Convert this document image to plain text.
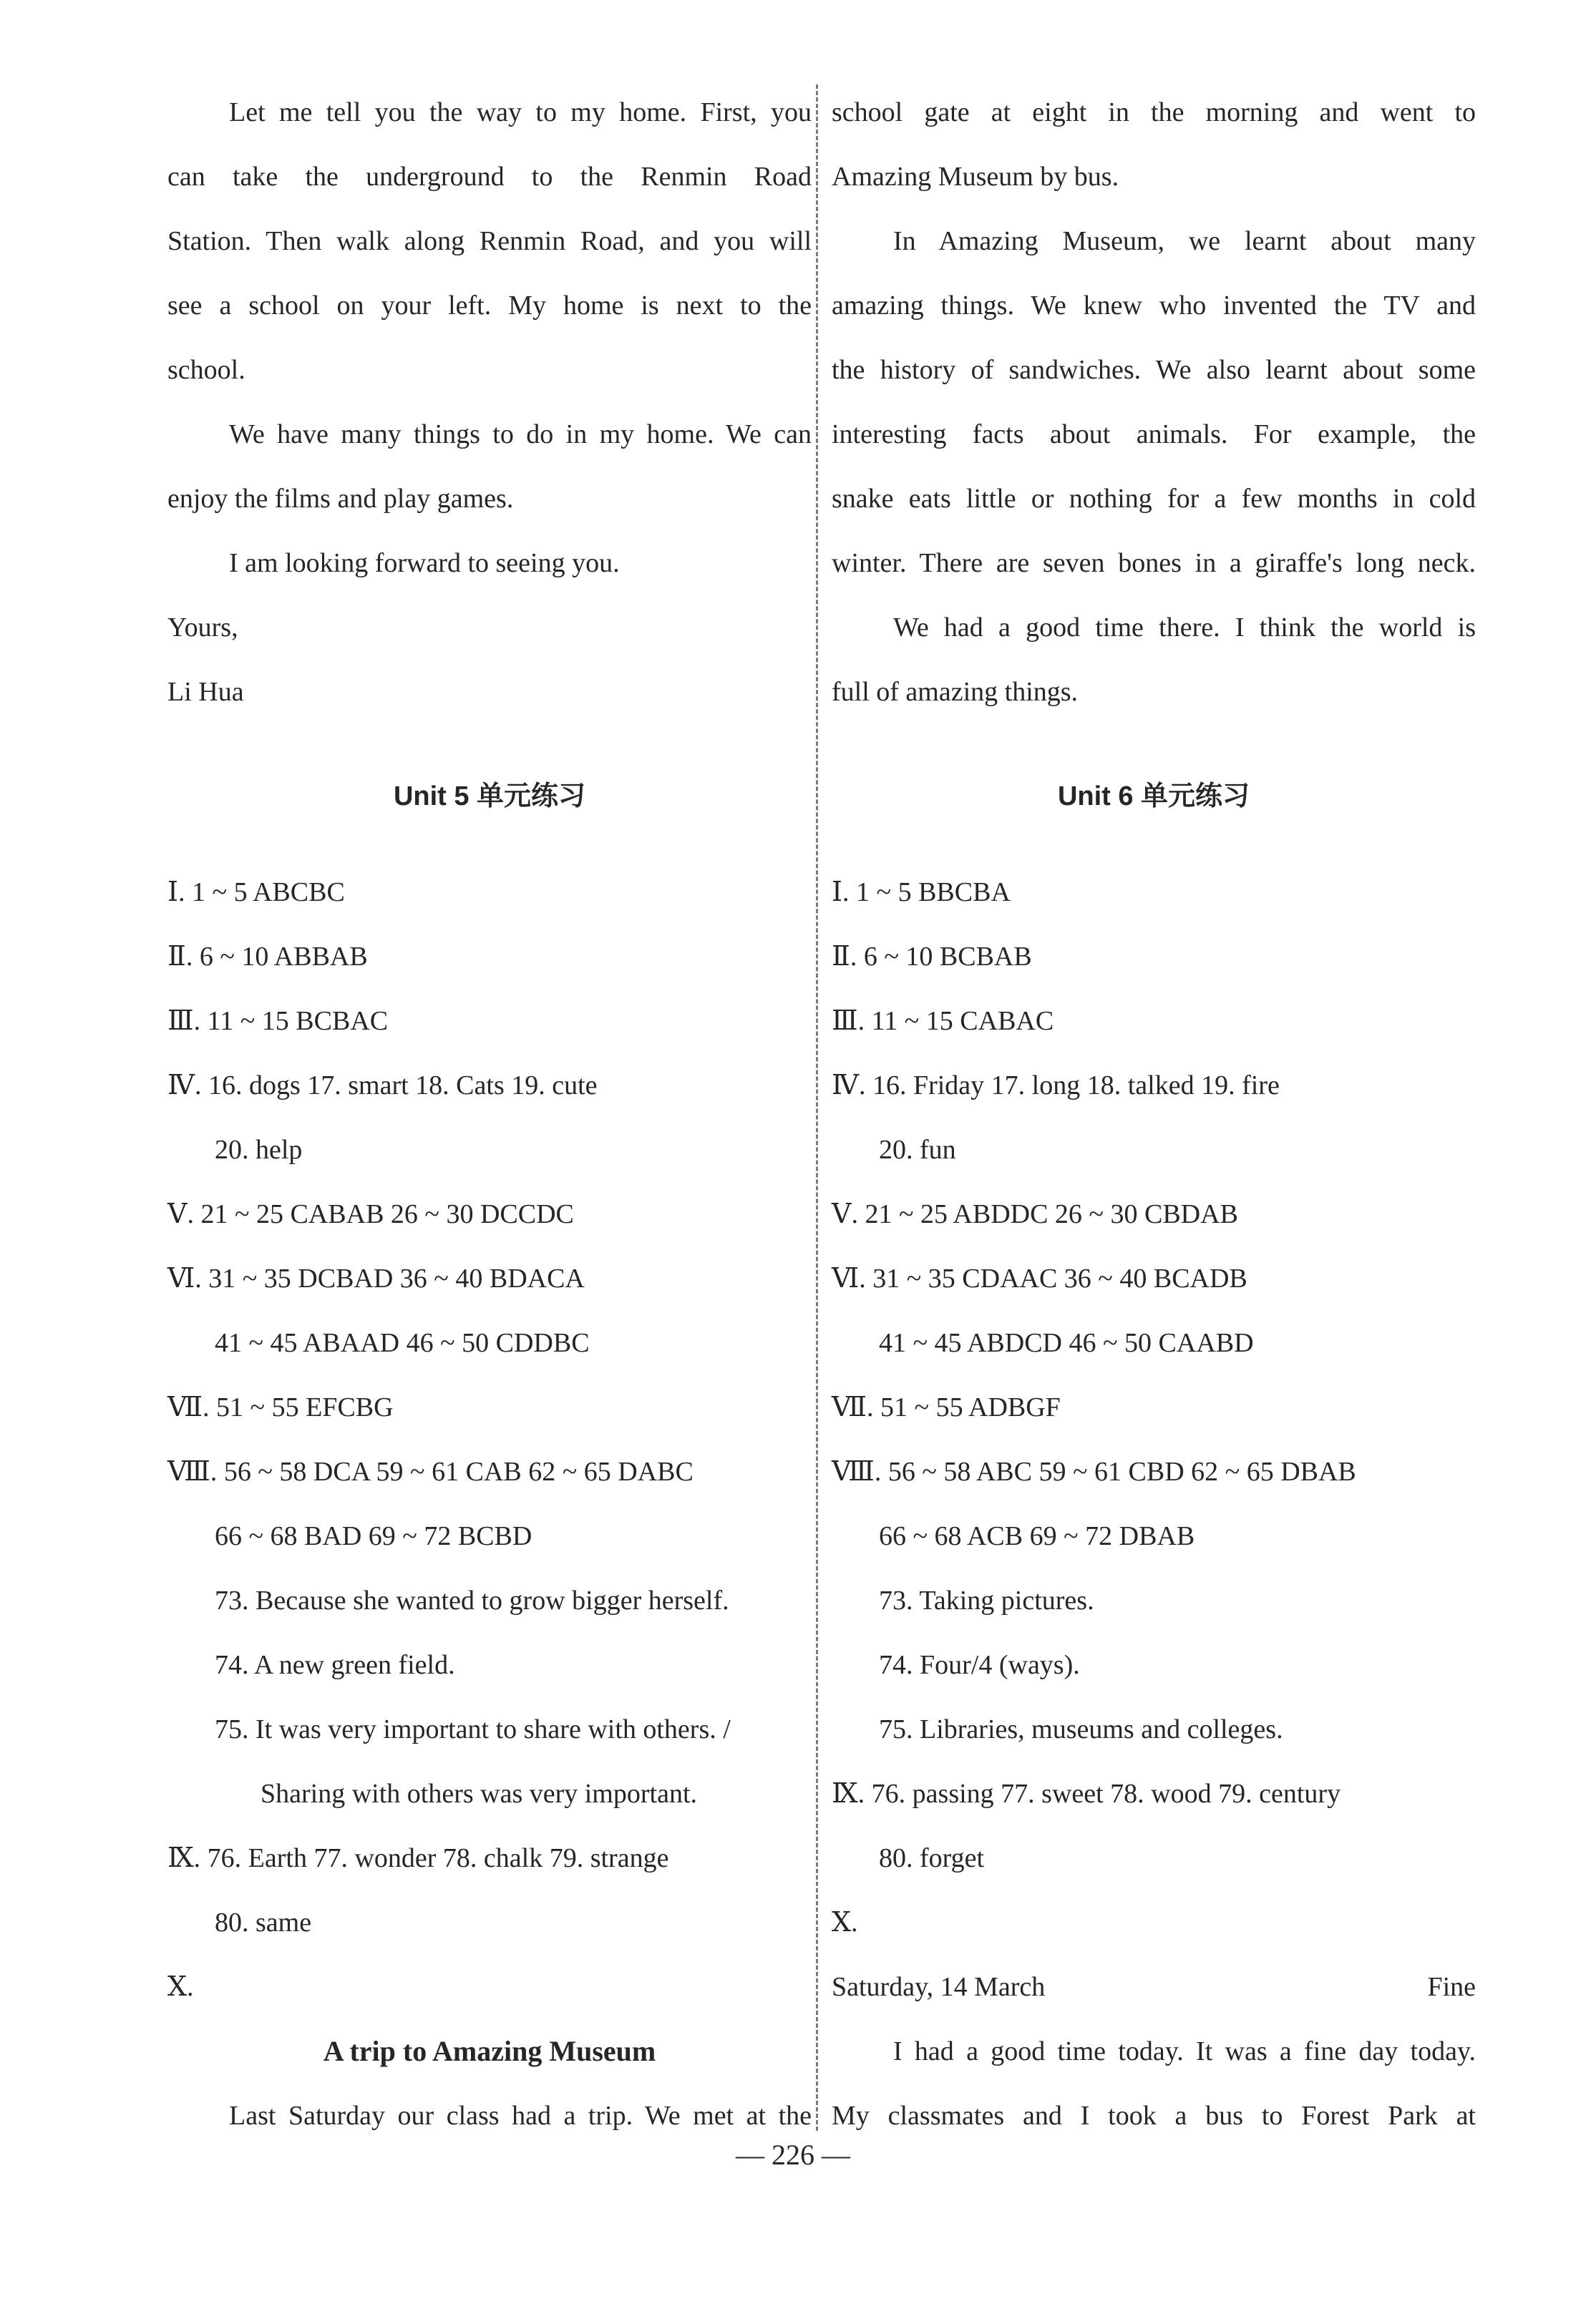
Let me tell you the way to my home. First, you
can take the underground to the Renmin Road
Station. Then walk along Renmin Road, and you will
see a school on your left. My home is next to the
school.
We have many things to do in my home. We can
enjoy the films and play games.
I am looking forward to seeing you.
Yours,
Li Hua
Unit 5 单元练习
Ⅰ. 1 ~ 5 ABCBC
Ⅱ. 6 ~ 10 ABBAB
Ⅲ. 11 ~ 15 BCBAC
Ⅳ. 16. dogs 17. smart 18. Cats 19. cute
20. help
Ⅴ. 21 ~ 25 CABAB 26 ~ 30 DCCDC
Ⅵ. 31 ~ 35 DCBAD 36 ~ 40 BDACA
41 ~ 45 ABAAD 46 ~ 50 CDDBC
Ⅶ. 51 ~ 55 EFCBG
Ⅷ. 56 ~ 58 DCA 59 ~ 61 CAB 62 ~ 65 DABC
66 ~ 68 BAD 69 ~ 72 BCBD
73. Because she wanted to grow bigger herself.
74. A new green field.
75. It was very important to share with others. /
Sharing with others was very important.
Ⅸ. 76. Earth 77. wonder 78. chalk 79. strange
80. same
Ⅹ.
A trip to Amazing Museum
Last Saturday our class had a trip. We met at the
school gate at eight in the morning and went to
Amazing Museum by bus.
In Amazing Museum, we learnt about many
amazing things. We knew who invented the TV and
the history of sandwiches. We also learnt about some
interesting facts about animals. For example, the
snake eats little or nothing for a few months in cold
winter. There are seven bones in a giraffe's long neck.
We had a good time there. I think the world is
full of amazing things.
Unit 6 单元练习
Ⅰ. 1 ~ 5 BBCBA
Ⅱ. 6 ~ 10 BCBAB
Ⅲ. 11 ~ 15 CABAC
Ⅳ. 16. Friday 17. long 18. talked 19. fire
20. fun
Ⅴ. 21 ~ 25 ABDDC 26 ~ 30 CBDAB
Ⅵ. 31 ~ 35 CDAAC 36 ~ 40 BCADB
41 ~ 45 ABDCD 46 ~ 50 CAABD
Ⅶ. 51 ~ 55 ADBGF
Ⅷ. 56 ~ 58 ABC 59 ~ 61 CBD 62 ~ 65 DBAB
66 ~ 68 ACB 69 ~ 72 DBAB
73. Taking pictures.
74. Four/4 (ways).
75. Libraries, museums and colleges.
Ⅸ. 76. passing 77. sweet 78. wood 79. century
80. forget
Ⅹ.
Saturday, 14 March	Fine
I had a good time today. It was a fine day today.
My classmates and I took a bus to Forest Park at
— 226 —
